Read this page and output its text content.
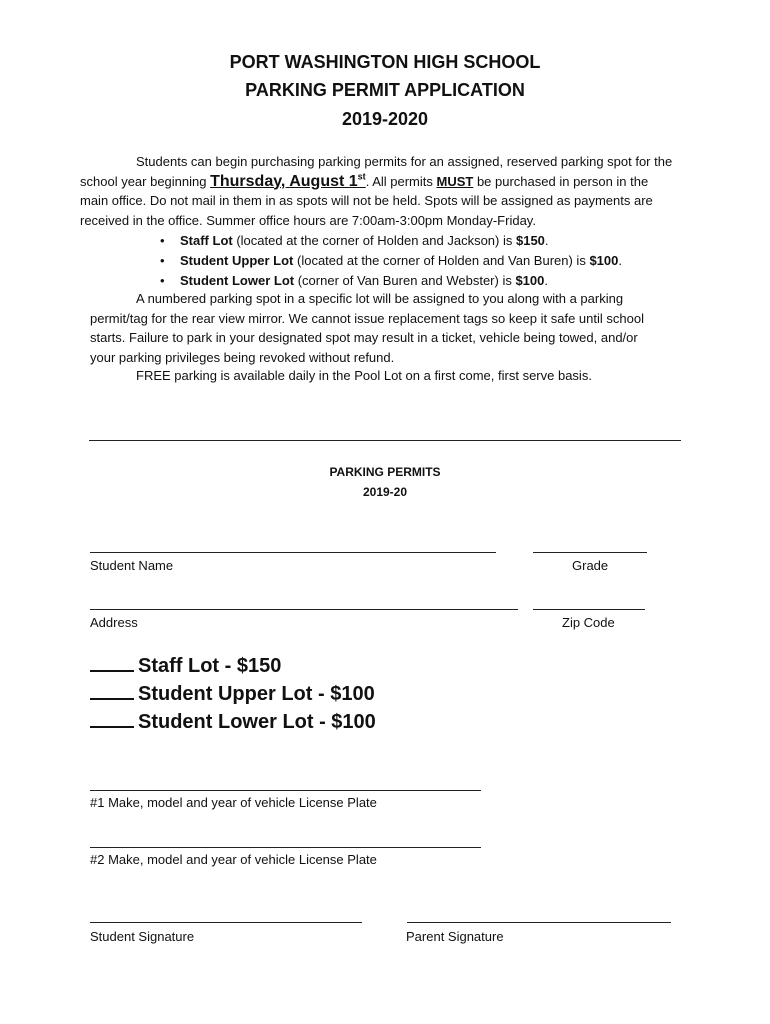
PORT WASHINGTON HIGH SCHOOL
PARKING PERMIT APPLICATION
2019-2020
Students can begin purchasing parking permits for an assigned, reserved parking spot for the school year beginning Thursday, August 1st. All permits MUST be purchased in person in the main office. Do not mail in them in as spots will not be held. Spots will be assigned as payments are received in the office. Summer office hours are 7:00am-3:00pm Monday-Friday.
• Staff Lot (located at the corner of Holden and Jackson) is $150.
• Student Upper Lot (located at the corner of Holden and Van Buren) is $100.
• Student Lower Lot (corner of Van Buren and Webster) is $100.
A numbered parking spot in a specific lot will be assigned to you along with a parking permit/tag for the rear view mirror. We cannot issue replacement tags so keep it safe until school starts. Failure to park in your designated spot may result in a ticket, vehicle being towed, and/or your parking privileges being revoked without refund.
FREE parking is available daily in the Pool Lot on a first come, first serve basis.
PARKING PERMITS
2019-20
Student Name	Grade
Address	Zip Code
Staff Lot - $150
Student Upper Lot - $100
Student Lower Lot - $100
#1 Make, model and year of vehicle License Plate
#2 Make, model and year of vehicle License Plate
Student Signature	Parent Signature
